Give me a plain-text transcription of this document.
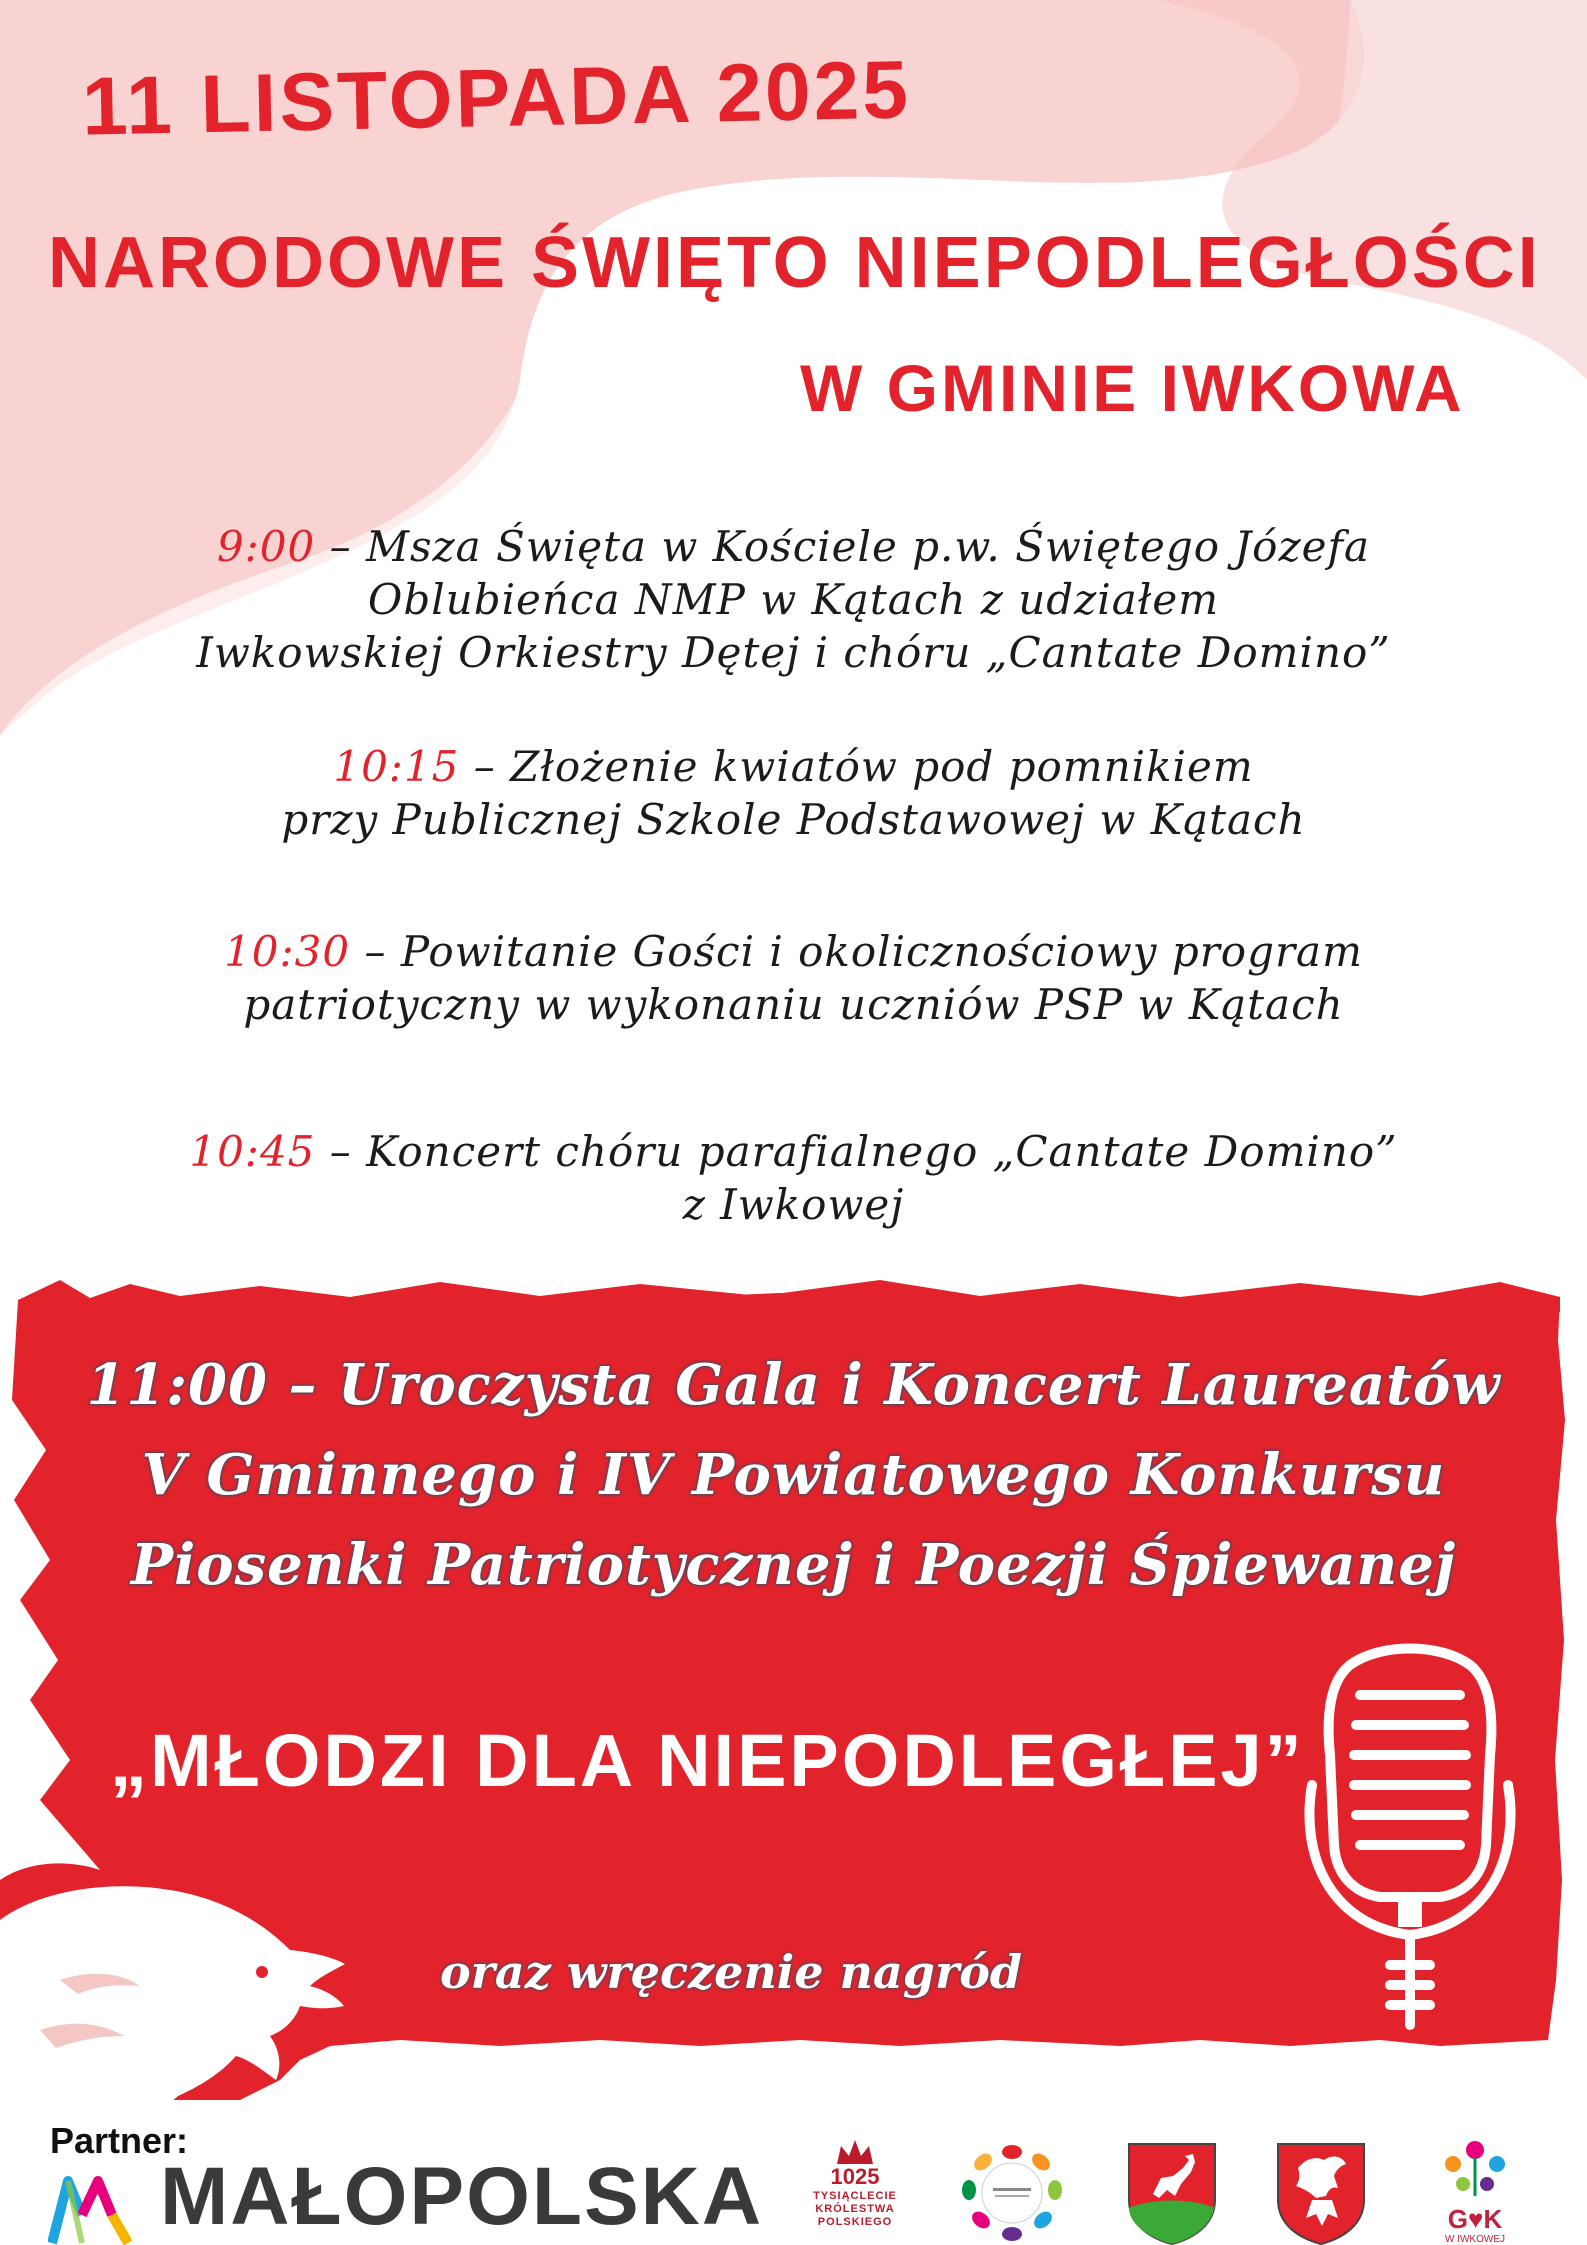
11 LISTOPADA 2025
NARODOWE ŚWIĘTO NIEPODLEGŁOŚCI
W GMINIE IWKOWA
9:00 – Msza Święta w Kościele p.w. Świętego Józefa
Oblubieńca NMP w Kątach z udziałem
Iwkowskiej Orkiestry Dętej i chóru „Cantate Domino”
10:15 – Złożenie kwiatów pod pomnikiem
przy Publicznej Szkole Podstawowej w Kątach
10:30 – Powitanie Gości i okolicznościowy program
patriotyczny w wykonaniu uczniów PSP w Kątach
10:45 – Koncert chóru parafialnego „Cantate Domino”
z Iwkowej
11:00 – Uroczysta Gala i Koncert Laureatów
V Gminnego i IV Powiatowego Konkursu
Piosenki Patriotycznej i Poezji Śpiewanej
„MŁODZI DLA NIEPODLEGŁEJ”
oraz wręczenie nagród
Partner:
MAŁOPOLSKA	1025
TYSIĄCLECIE
KRÓLESTWA
POLSKIEGO	G♥K
W IWKOWEJ
